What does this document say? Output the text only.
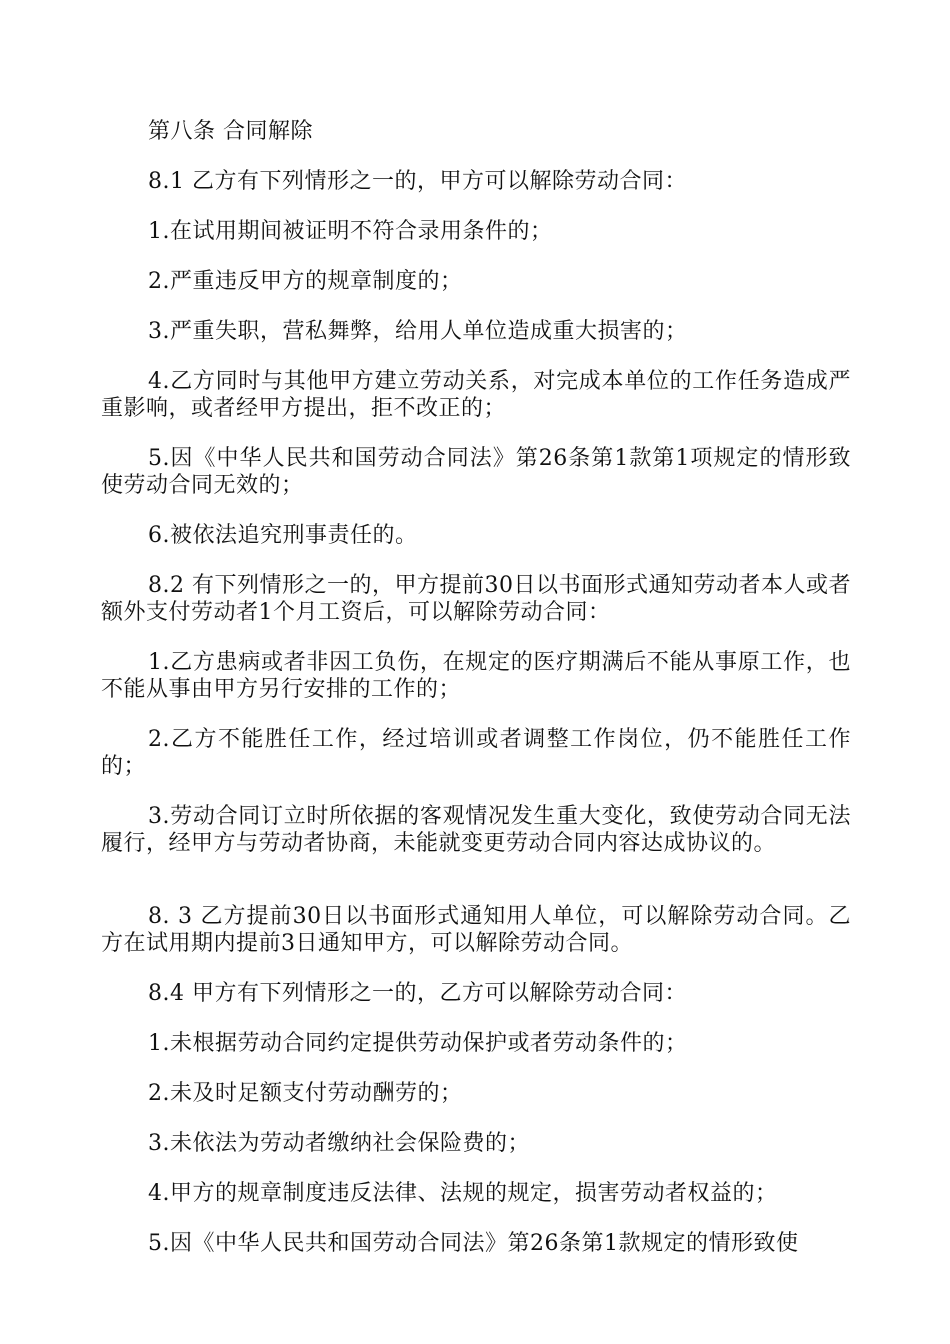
第八条 合同解除

8.1 乙方有下列情形之一的，甲方可以解除劳动合同：

1.在试用期间被证明不符合录用条件的；

2.严重违反甲方的规章制度的；

3.严重失职，营私舞弊，给用人单位造成重大损害的；

4.乙方同时与其他甲方建立劳动关系，对完成本单位的工作任务造成严重影响，或者经甲方提出，拒不改正的；

5.因《中华人民共和国劳动合同法》第26条第1款第1项规定的情形致使劳动合同无效的；

6.被依法追究刑事责任的。

8.2 有下列情形之一的，甲方提前30日以书面形式通知劳动者本人或者额外支付劳动者1个月工资后，可以解除劳动合同：

1.乙方患病或者非因工负伤，在规定的医疗期满后不能从事原工作，也不能从事由甲方另行安排的工作的；

2.乙方不能胜任工作，经过培训或者调整工作岗位，仍不能胜任工作的；

3.劳动合同订立时所依据的客观情况发生重大变化，致使劳动合同无法履行，经甲方与劳动者协商，未能就变更劳动合同内容达成协议的。

8. 3 乙方提前30日以书面形式通知用人单位，可以解除劳动合同。乙方在试用期内提前3日通知甲方，可以解除劳动合同。

8.4 甲方有下列情形之一的，乙方可以解除劳动合同：

1.未根据劳动合同约定提供劳动保护或者劳动条件的；

2.未及时足额支付劳动酬劳的；

3.未依法为劳动者缴纳社会保险费的；

4.甲方的规章制度违反法律、法规的规定，损害劳动者权益的；

5.因《中华人民共和国劳动合同法》第26条第1款规定的情形致使
